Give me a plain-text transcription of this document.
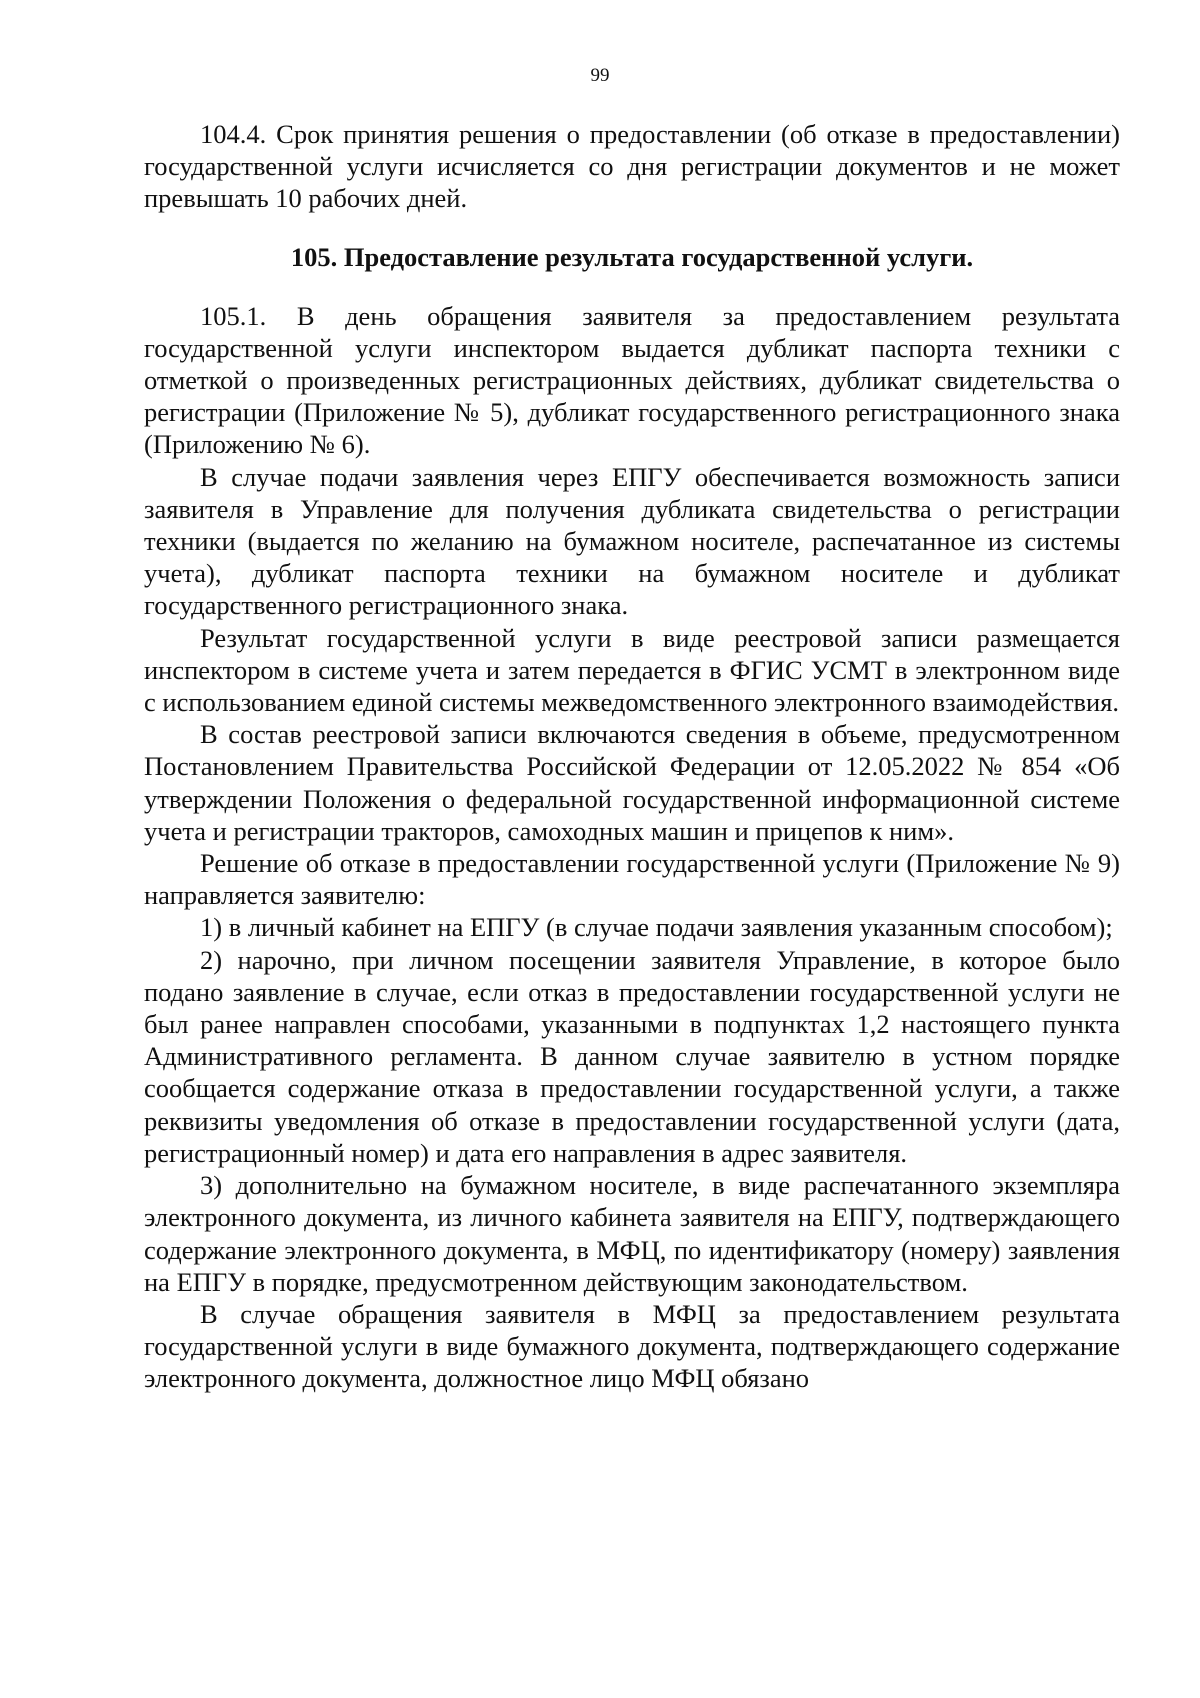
99

104.4. Срок принятия решения о предоставлении (об отказе в предоставлении) государственной услуги исчисляется со дня регистрации документов и не может превышать 10 рабочих дней.

105. Предоставление результата государственной услуги.

105.1. В день обращения заявителя за предоставлением результата государственной услуги инспектором выдается дубликат паспорта техники с отметкой о произведенных регистрационных действиях, дубликат свидетельства о регистрации (Приложение № 5), дубликат государственного регистрационного знака (Приложению № 6).

В случае подачи заявления через ЕПГУ обеспечивается возможность записи заявителя в Управление для получения дубликата свидетельства о регистрации техники (выдается по желанию на бумажном носителе, распечатанное из системы учета), дубликат паспорта техники на бумажном носителе и дубликат государственного регистрационного знака.

Результат государственной услуги в виде реестровой записи размещается инспектором в системе учета и затем передается в ФГИС УСМТ в электронном виде с использованием единой системы межведомственного электронного взаимодействия.

В состав реестровой записи включаются сведения в объеме, предусмотренном Постановлением Правительства Российской Федерации от 12.05.2022 № 854 «Об утверждении Положения о федеральной государственной информационной системе учета и регистрации тракторов, самоходных машин и прицепов к ним».

Решение об отказе в предоставлении государственной услуги (Приложение № 9) направляется заявителю:

1) в личный кабинет на ЕПГУ (в случае подачи заявления указанным способом);

2) нарочно, при личном посещении заявителя Управление, в которое было подано заявление в случае, если отказ в предоставлении государственной услуги не был ранее направлен способами, указанными в подпунктах 1,2 настоящего пункта Административного регламента. В данном случае заявителю в устном порядке сообщается содержание отказа в предоставлении государственной услуги, а также реквизиты уведомления об отказе в предоставлении государственной услуги (дата, регистрационный номер) и дата его направления в адрес заявителя.

3) дополнительно на бумажном носителе, в виде распечатанного экземпляра электронного документа, из личного кабинета заявителя на ЕПГУ, подтверждающего содержание электронного документа, в МФЦ, по идентификатору (номеру) заявления на ЕПГУ в порядке, предусмотренном действующим законодательством.

В случае обращения заявителя в МФЦ за предоставлением результата государственной услуги в виде бумажного документа, подтверждающего содержание электронного документа, должностное лицо МФЦ обязано
